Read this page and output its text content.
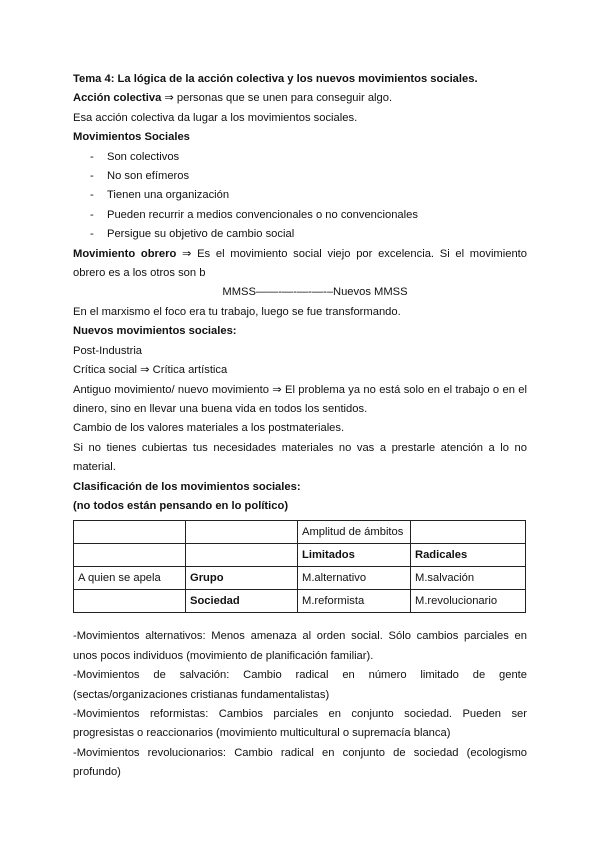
Tema 4: La lógica de la acción colectiva y los nuevos movimientos sociales.

Acción colectiva ⇒ personas que se unen para conseguir algo.

Esa acción colectiva da lugar a los movimientos sociales.

Movimientos Sociales

- Son colectivos
- No son efímeros
- Tienen una organización
- Pueden recurrir a medios convencionales o no convencionales
- Persigue su objetivo de cambio social

Movimiento obrero ⇒ Es el movimiento social viejo por excelencia. Si el movimiento obrero es a los otros son b

MMSS——-—-—-—-–Nuevos MMSS

En el marxismo el foco era tu trabajo, luego se fue transformando.

Nuevos movimientos sociales:

Post-Industria

Crítica social ⇒ Crítica artística

Antiguo movimiento/ nuevo movimiento ⇒ El problema ya no está solo en el trabajo o en el dinero, sino en llevar una buena vida en todos los sentidos.

Cambio de los valores materiales a los postmateriales.

Si no tienes cubiertas tus necesidades materiales no vas a prestarle atención a lo no material.

Clasificación de los movimientos sociales:

(no todos están pensando en lo político)

		Amplitud de ámbitos	
		Limitados	Radicales
A quien se apela	Grupo	M.alternativo	M.salvación
	Sociedad	M.reformista	M.revolucionario

-Movimientos alternativos: Menos amenaza al orden social. Sólo cambios parciales en unos pocos individuos (movimiento de planificación familiar).

-Movimientos de salvación: Cambio radical en número limitado de gente (sectas/organizaciones cristianas fundamentalistas)

-Movimientos reformistas: Cambios parciales en conjunto sociedad. Pueden ser progresistas o reaccionarios (movimiento multicultural o supremacía blanca)

-Movimientos revolucionarios: Cambio radical en conjunto de sociedad (ecologismo profundo)
